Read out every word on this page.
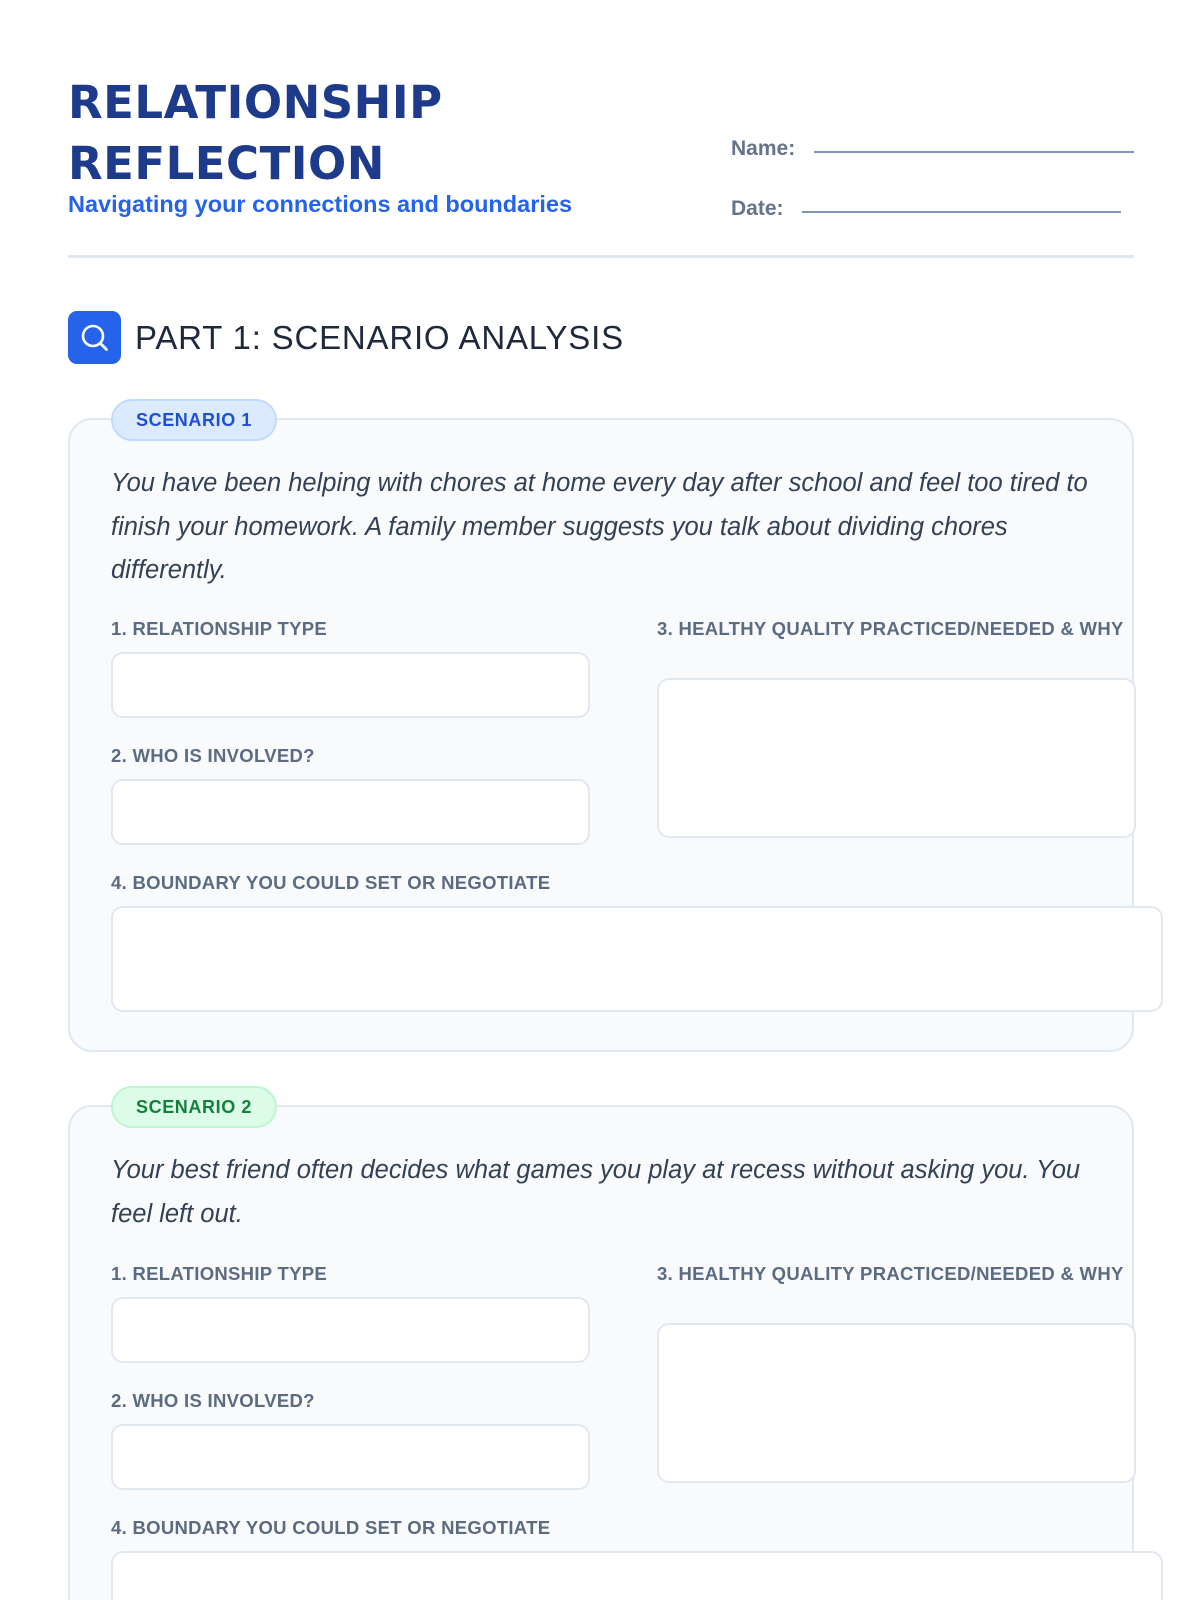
RELATIONSHIP
REFLECTION
Navigating your connections and boundaries
Name:
Date:
PART 1: SCENARIO ANALYSIS
SCENARIO 1

You have been helping with chores at home every day after school and feel too tired to finish your homework. A family member suggests you talk about dividing chores differently.

1. RELATIONSHIP TYPE
2. WHO IS INVOLVED?
3. HEALTHY QUALITY PRACTICED/NEEDED & WHY
4. BOUNDARY YOU COULD SET OR NEGOTIATE
SCENARIO 2

Your best friend often decides what games you play at recess without asking you. You feel left out.

1. RELATIONSHIP TYPE
2. WHO IS INVOLVED?
3. HEALTHY QUALITY PRACTICED/NEEDED & WHY
4. BOUNDARY YOU COULD SET OR NEGOTIATE
